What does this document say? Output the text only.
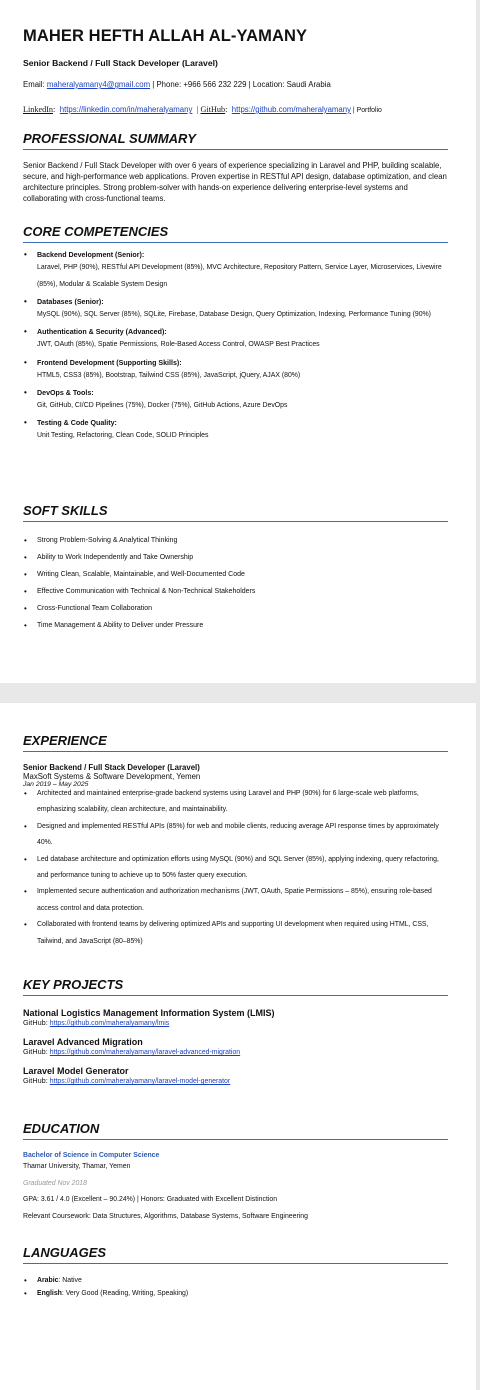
MAHER HEFTH ALLAH AL-YAMANY
Senior Backend / Full Stack Developer (Laravel)
Email: maheralyamany4@gmail.com | Phone: +966 566 232 229 | Location: Saudi Arabia
LinkedIn: https://linkedin.com/in/maheralyamany | GitHub: https://github.com/maheralyamany | Portfolio
PROFESSIONAL SUMMARY

Senior Backend / Full Stack Developer with over 6 years of experience specializing in Laravel and PHP, building scalable, secure, and high-performance web applications. Proven expertise in RESTful API design, database optimization, and clean architecture principles. Strong problem-solver with hands-on experience delivering enterprise-level systems and collaborating with cross-functional teams.

CORE COMPETENCIES
• Backend Development (Senior):
Laravel, PHP (90%), RESTful API Development (85%), MVC Architecture, Repository Pattern, Service Layer, Microservices, Livewire (85%), Modular & Scalable System Design
• Databases (Senior):
MySQL (90%), SQL Server (85%), SQLite, Firebase, Database Design, Query Optimization, Indexing, Performance Tuning (90%)
• Authentication & Security (Advanced):
JWT, OAuth (85%), Spatie Permissions, Role-Based Access Control, OWASP Best Practices
• Frontend Development (Supporting Skills):
HTML5, CSS3 (85%), Bootstrap, Tailwind CSS (85%), JavaScript, jQuery, AJAX (80%)
• DevOps & Tools:
Git, GitHub, CI/CD Pipelines (75%), Docker (75%), GitHub Actions, Azure DevOps
• Testing & Code Quality:
Unit Testing, Refactoring, Clean Code, SOLID Principles
SOFT SKILLS
• Strong Problem-Solving & Analytical Thinking
• Ability to Work Independently and Take Ownership
• Writing Clean, Scalable, Maintainable, and Well-Documented Code
• Effective Communication with Technical & Non-Technical Stakeholders
• Cross-Functional Team Collaboration
• Time Management & Ability to Deliver under Pressure
EXPERIENCE
Senior Backend / Full Stack Developer (Laravel)
MaxSoft Systems & Software Development, Yemen
Jan 2019 – May 2025
• Architected and maintained enterprise-grade backend systems using Laravel and PHP (90%) for 6 large-scale web platforms, emphasizing scalability, clean architecture, and maintainability.
• Designed and implemented RESTful APIs (85%) for web and mobile clients, reducing average API response times by approximately 40%.
• Led database architecture and optimization efforts using MySQL (90%) and SQL Server (85%), applying indexing, query refactoring, and performance tuning to achieve up to 50% faster query execution.
• Implemented secure authentication and authorization mechanisms (JWT, OAuth, Spatie Permissions – 85%), ensuring role-based access control and data protection.
• Collaborated with frontend teams by delivering optimized APIs and supporting UI development when required using HTML, CSS, Tailwind, and JavaScript (80–85%)
KEY PROJECTS
National Logistics Management Information System (LMIS)
GitHub: https://github.com/maheralyamany/lmis
Laravel Advanced Migration
GitHub: https://github.com/maheralyamany/laravel-advanced-migration
Laravel Model Generator
GitHub: https://github.com/maheralyamany/laravel-model-generator
EDUCATION
Bachelor of Science in Computer Science
Thamar University, Thamar, Yemen
Graduated Nov 2018
GPA: 3.61 / 4.0 (Excellent – 90.24%) | Honors: Graduated with Excellent Distinction
Relevant Coursework: Data Structures, Algorithms, Database Systems, Software Engineering
LANGUAGES
• Arabic: Native
• English: Very Good (Reading, Writing, Speaking)
